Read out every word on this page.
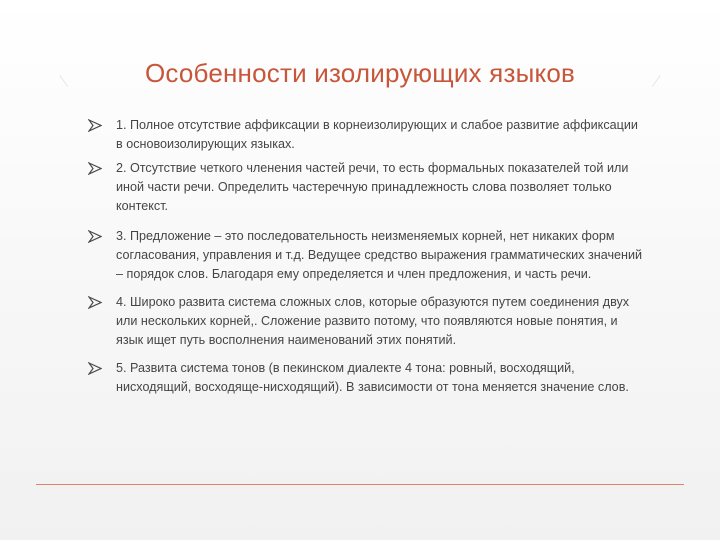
Особенности изолирующих языков
1. Полное отсутствие аффиксации в корнеизолирующих и слабое развитие аффиксации в основоизолирующих языках.
2. Отсутствие четкого членения частей речи, то есть формальных показателей той или иной части речи. Определить частеречную принадлежность слова позволяет только контекст.
3. Предложение – это последовательность неизменяемых корней, нет никаких форм согласования, управления и т.д. Ведущее средство выражения грамматических значений – порядок слов. Благодаря ему определяется и член предложения, и часть речи.
4. Широко развита система сложных слов, которые образуются путем соединения двух или нескольких корней,. Сложение развито потому, что появляются новые понятия, и язык ищет путь восполнения наименований этих понятий.
5. Развита система тонов (в пекинском диалекте 4 тона: ровный, восходящий, нисходящий, восходяще-нисходящий). В зависимости от тона меняется значение слов.
